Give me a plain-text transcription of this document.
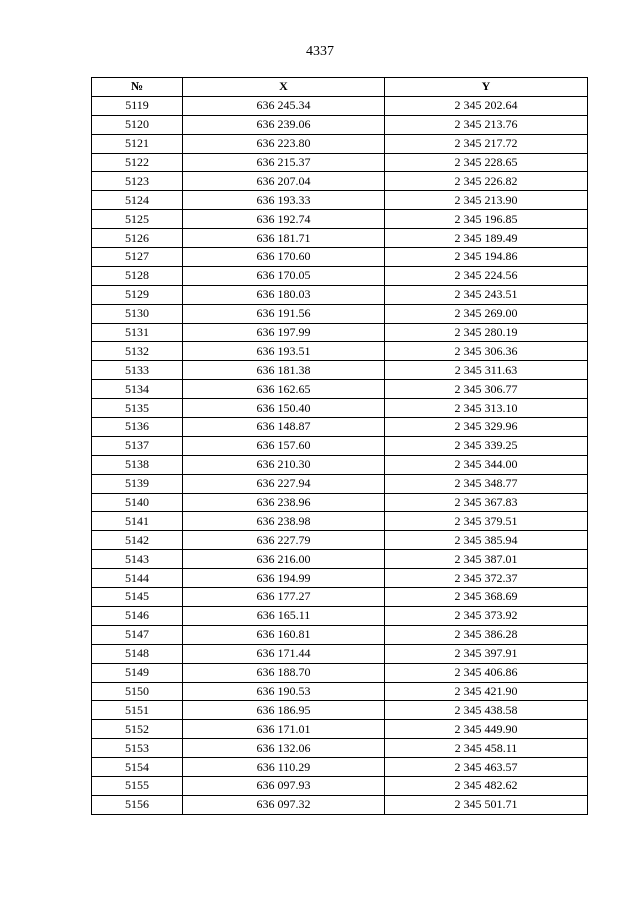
4337
№	X	Y
5119	636 245.34	2 345 202.64
5120	636 239.06	2 345 213.76
5121	636 223.80	2 345 217.72
5122	636 215.37	2 345 228.65
5123	636 207.04	2 345 226.82
5124	636 193.33	2 345 213.90
5125	636 192.74	2 345 196.85
5126	636 181.71	2 345 189.49
5127	636 170.60	2 345 194.86
5128	636 170.05	2 345 224.56
5129	636 180.03	2 345 243.51
5130	636 191.56	2 345 269.00
5131	636 197.99	2 345 280.19
5132	636 193.51	2 345 306.36
5133	636 181.38	2 345 311.63
5134	636 162.65	2 345 306.77
5135	636 150.40	2 345 313.10
5136	636 148.87	2 345 329.96
5137	636 157.60	2 345 339.25
5138	636 210.30	2 345 344.00
5139	636 227.94	2 345 348.77
5140	636 238.96	2 345 367.83
5141	636 238.98	2 345 379.51
5142	636 227.79	2 345 385.94
5143	636 216.00	2 345 387.01
5144	636 194.99	2 345 372.37
5145	636 177.27	2 345 368.69
5146	636 165.11	2 345 373.92
5147	636 160.81	2 345 386.28
5148	636 171.44	2 345 397.91
5149	636 188.70	2 345 406.86
5150	636 190.53	2 345 421.90
5151	636 186.95	2 345 438.58
5152	636 171.01	2 345 449.90
5153	636 132.06	2 345 458.11
5154	636 110.29	2 345 463.57
5155	636 097.93	2 345 482.62
5156	636 097.32	2 345 501.71
